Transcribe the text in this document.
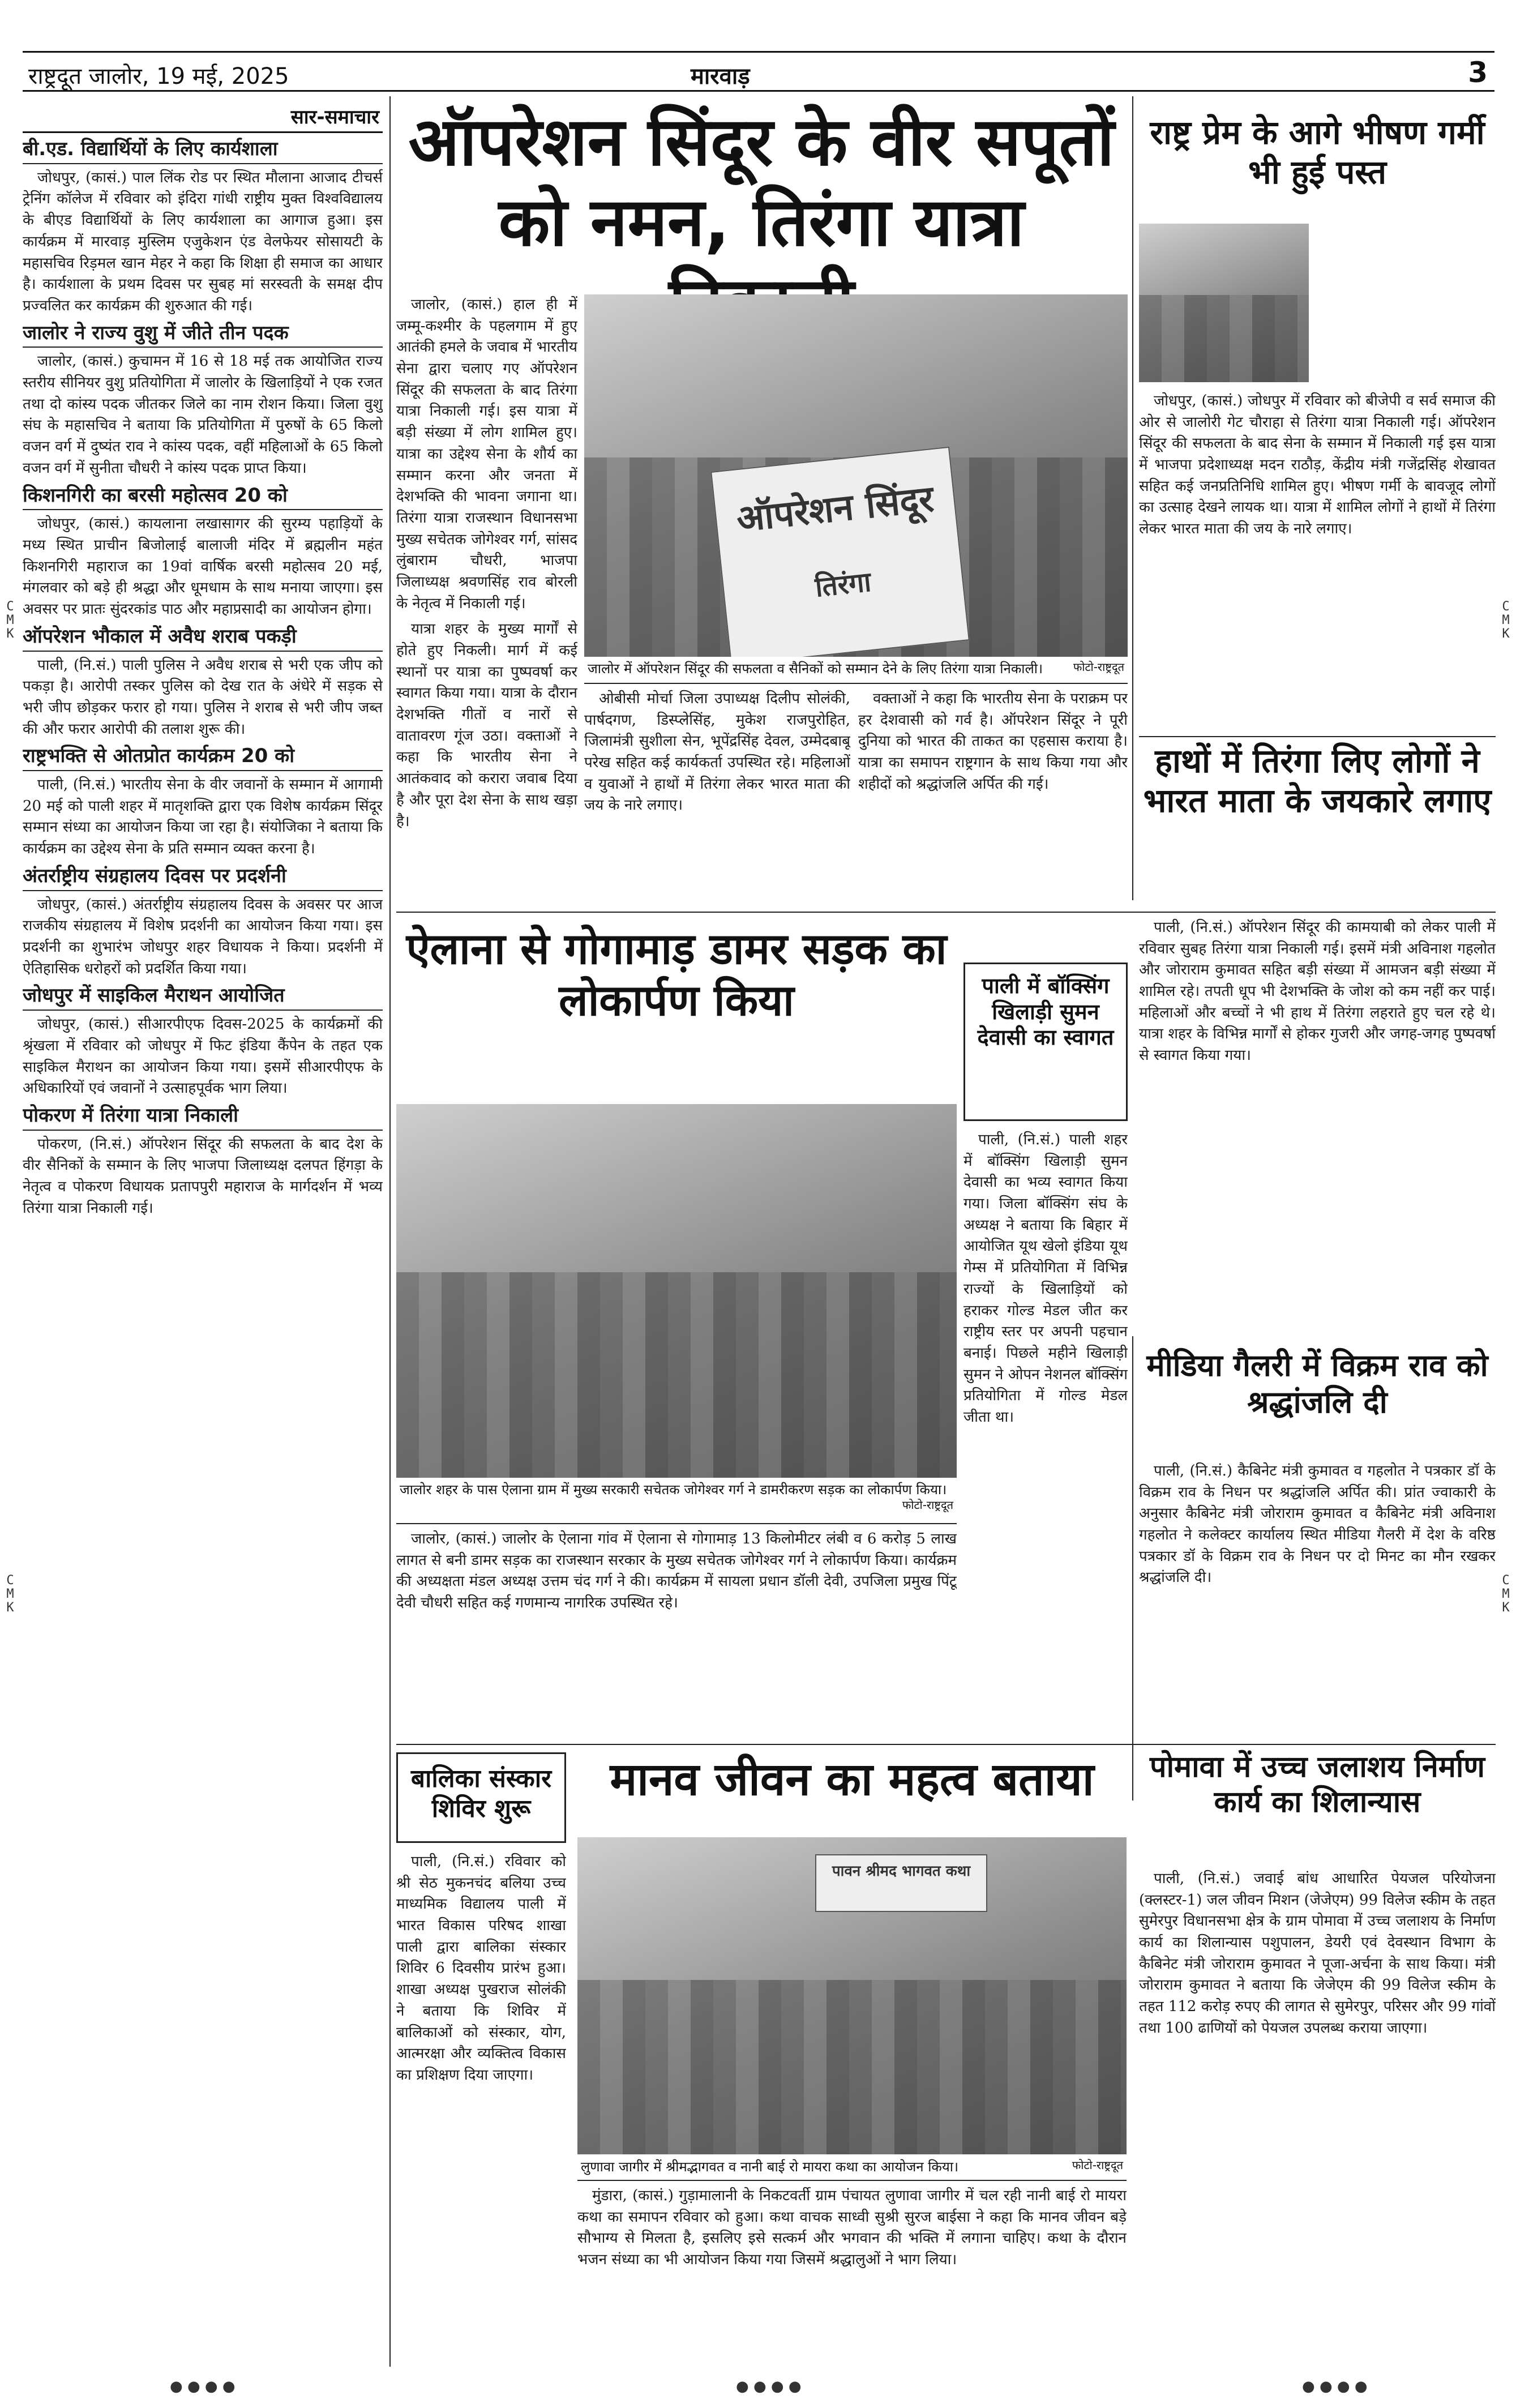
राष्ट्रदूत जालोर, 19 मई, 2025	मारवाड़	3
C M K
C M K
C M K
C M K
सार-समाचार
बी.एड. विद्यार्थियों के लिए कार्यशाला

जोधपुर, (कासं.) पाल लिंक रोड पर स्थित मौलाना आजाद टीचर्स ट्रेनिंग कॉलेज में रविवार को इंदिरा गांधी राष्ट्रीय मुक्त विश्वविद्यालय के बीएड विद्यार्थियों के लिए कार्यशाला का आगाज हुआ। इस कार्यक्रम में मारवाड़ मुस्लिम एजुकेशन एंड वेलफेयर सोसायटी के महासचिव रिड़मल खान मेहर ने कहा कि शिक्षा ही समाज का आधार है। कार्यशाला के प्रथम दिवस पर सुबह मां सरस्वती के समक्ष दीप प्रज्वलित कर कार्यक्रम की शुरुआत की गई।

जालोर ने राज्य वुशु में जीते तीन पदक

जालोर, (कासं.) कुचामन में 16 से 18 मई तक आयोजित राज्य स्तरीय सीनियर वुशु प्रतियोगिता में जालोर के खिलाड़ियों ने एक रजत तथा दो कांस्य पदक जीतकर जिले का नाम रोशन किया। जिला वुशु संघ के महासचिव ने बताया कि प्रतियोगिता में पुरुषों के 65 किलो वजन वर्ग में दुष्यंत राव ने कांस्य पदक, वहीं महिलाओं के 65 किलो वजन वर्ग में सुनीता चौधरी ने कांस्य पदक प्राप्त किया।

किशनगिरी का बरसी महोत्सव 20 को

जोधपुर, (कासं.) कायलाना लखासागर की सुरम्य पहाड़ियों के मध्य स्थित प्राचीन बिजोलाई बालाजी मंदिर में ब्रह्मलीन महंत किशनगिरी महाराज का 19वां वार्षिक बरसी महोत्सव 20 मई, मंगलवार को बड़े ही श्रद्धा और धूमधाम के साथ मनाया जाएगा। इस अवसर पर प्रातः सुंदरकांड पाठ और महाप्रसादी का आयोजन होगा।

ऑपरेशन भौकाल में अवैध शराब पकड़ी

पाली, (नि.सं.) पाली पुलिस ने अवैध शराब से भरी एक जीप को पकड़ा है। आरोपी तस्कर पुलिस को देख रात के अंधेरे में सड़क से भरी जीप छोड़कर फरार हो गया। पुलिस ने शराब से भरी जीप जब्त की और फरार आरोपी की तलाश शुरू की।

राष्ट्रभक्ति से ओतप्रोत कार्यक्रम 20 को

पाली, (नि.सं.) भारतीय सेना के वीर जवानों के सम्मान में आगामी 20 मई को पाली शहर में मातृशक्ति द्वारा एक विशेष कार्यक्रम सिंदूर सम्मान संध्या का आयोजन किया जा रहा है। संयोजिका ने बताया कि कार्यक्रम का उद्देश्य सेना के प्रति सम्मान व्यक्त करना है।

अंतर्राष्ट्रीय संग्रहालय दिवस पर प्रदर्शनी

जोधपुर, (कासं.) अंतर्राष्ट्रीय संग्रहालय दिवस के अवसर पर आज राजकीय संग्रहालय में विशेष प्रदर्शनी का आयोजन किया गया। इस प्रदर्शनी का शुभारंभ जोधपुर शहर विधायक ने किया। प्रदर्शनी में ऐतिहासिक धरोहरों को प्रदर्शित किया गया।

जोधपुर में साइकिल मैराथन आयोजित

जोधपुर, (कासं.) सीआरपीएफ दिवस-2025 के कार्यक्रमों की श्रृंखला में रविवार को जोधपुर में फिट इंडिया कैंपेन के तहत एक साइकिल मैराथन का आयोजन किया गया। इसमें सीआरपीएफ के अधिकारियों एवं जवानों ने उत्साहपूर्वक भाग लिया।

पोकरण में तिरंगा यात्रा निकाली

पोकरण, (नि.सं.) ऑपरेशन सिंदूर की सफलता के बाद देश के वीर सैनिकों के सम्मान के लिए भाजपा जिलाध्यक्ष दलपत हिंगड़ा के नेतृत्व व पोकरण विधायक प्रतापपुरी महाराज के मार्गदर्शन में भव्य तिरंगा यात्रा निकाली गई।

ऑपरेशन सिंदूर के वीर सपूतों
को नमन, तिरंगा यात्रा

जालोर, (कासं.) हाल ही में जम्मू-कश्मीर के पहलगाम में हुए आतंकी हमले के जवाब में भारतीय सेना द्वारा चलाए गए ऑपरेशन सिंदूर की सफलता के बाद तिरंगा यात्रा निकाली गई। इस यात्रा में बड़ी संख्या में लोग शामिल हुए। यात्रा का उद्देश्य सेना के शौर्य का सम्मान करना और जनता में देशभक्ति की भावना जगाना था। तिरंगा यात्रा राजस्थान विधानसभा मुख्य सचेतक जोगेश्वर गर्ग, सांसद लुंबाराम चौधरी, भाजपा जिलाध्यक्ष श्रवणसिंह राव बोरली के नेतृत्व में निकाली गई।

यात्रा शहर के मुख्य मार्गों से होते हुए निकली। मार्ग में कई स्थानों पर यात्रा का पुष्पवर्षा कर स्वागत किया गया। यात्रा के दौरान देशभक्ति गीतों व नारों से वातावरण गूंज उठा। वक्ताओं ने कहा कि भारतीय सेना ने आतंकवाद को करारा जवाब दिया है और पूरा देश सेना के साथ खड़ा है।

ऑपरेशन सिंदूर
तिरंगा
जालोर में ऑपरेशन सिंदूर की सफलता व सैनिकों को सम्मान देने के लिए तिरंगा यात्रा निकाली।	फोटो-राष्ट्रदूत

ओबीसी मोर्चा जिला उपाध्यक्ष दिलीप सोलंकी, पार्षदगण, डिस्प्लेसिंह, मुकेश राजपुरोहित, जिलामंत्री सुशीला सेन, भूपेंद्रसिंह देवल, उम्मेदबाबू परेख सहित कई कार्यकर्ता उपस्थित रहे। महिलाओं व युवाओं ने हाथों में तिरंगा लेकर भारत माता की जय के नारे लगाए।

वक्ताओं ने कहा कि भारतीय सेना के पराक्रम पर हर देशवासी को गर्व है। ऑपरेशन सिंदूर ने पूरी दुनिया को भारत की ताकत का एहसास कराया है। यात्रा का समापन राष्ट्रगान के साथ किया गया और शहीदों को श्रद्धांजलि अर्पित की गई।

राष्ट्र प्रेम के आगे भीषण गर्मी भी हुई पस्त

जोधपुर, (कासं.) जोधपुर में रविवार को बीजेपी व सर्व समाज की ओर से जालोरी गेट चौराहा से तिरंगा यात्रा निकाली गई। ऑपरेशन सिंदूर की सफलता के बाद सेना के सम्मान में निकाली गई इस यात्रा में भाजपा प्रदेशाध्यक्ष मदन राठौड़, केंद्रीय मंत्री गजेंद्रसिंह शेखावत सहित कई जनप्रतिनिधि शामिल हुए। भीषण गर्मी के बावजूद लोगों का उत्साह देखने लायक था। यात्रा में शामिल लोगों ने हाथों में तिरंगा लेकर भारत माता की जय के नारे लगाए।

हाथों में तिरंगा लिए लोगों ने भारत माता के जयकारे लगाए

पाली, (नि.सं.) ऑपरेशन सिंदूर की कामयाबी को लेकर पाली में रविवार सुबह तिरंगा यात्रा निकाली गई। इसमें मंत्री अविनाश गहलोत और जोराराम कुमावत सहित बड़ी संख्या में आमजन बड़ी संख्या में शामिल रहे। तपती धूप भी देशभक्ति के जोश को कम नहीं कर पाई। महिलाओं और बच्चों ने भी हाथ में तिरंगा लहराते हुए चल रहे थे। यात्रा शहर के विभिन्न मार्गों से होकर गुजरी और जगह-जगह पुष्पवर्षा से स्वागत किया गया।

ऐलाना से गोगामाड़ डामर सड़क का लोकार्पण किया
जालोर शहर के पास ऐलाना ग्राम में मुख्य सरकारी सचेतक जोगेश्वर गर्ग ने डामरीकरण सड़क का लोकार्पण किया।
फोटो-राष्ट्रदूत

जालोर, (कासं.) जालोर के ऐलाना गांव में ऐलाना से गोगामाड़ 13 किलोमीटर लंबी व 6 करोड़ 5 लाख लागत से बनी डामर सड़क का राजस्थान सरकार के मुख्य सचेतक जोगेश्वर गर्ग ने लोकार्पण किया। कार्यक्रम की अध्यक्षता मंडल अध्यक्ष उत्तम चंद गर्ग ने की। कार्यक्रम में सायला प्रधान डॉली देवी, उपजिला प्रमुख पिंटू देवी चौधरी सहित कई गणमान्य नागरिक उपस्थित रहे।

पाली में बॉक्सिंग खिलाड़ी सुमन देवासी का स्वागत

पाली, (नि.सं.) पाली शहर में बॉक्सिंग खिलाड़ी सुमन देवासी का भव्य स्वागत किया गया। जिला बॉक्सिंग संघ के अध्यक्ष ने बताया कि बिहार में आयोजित यूथ खेलो इंडिया यूथ गेम्स में प्रतियोगिता में विभिन्न राज्यों के खिलाड़ियों को हराकर गोल्ड मेडल जीत कर राष्ट्रीय स्तर पर अपनी पहचान बनाई। पिछले महीने खिलाड़ी सुमन ने ओपन नेशनल बॉक्सिंग प्रतियोगिता में गोल्ड मेडल जीता था।

मीडिया गैलरी में विक्रम राव को श्रद्धांजलि दी

पाली, (नि.सं.) कैबिनेट मंत्री कुमावत व गहलोत ने पत्रकार डॉ के विक्रम राव के निधन पर श्रद्धांजलि अर्पित की। प्रांत ज्वाकारी के अनुसार कैबिनेट मंत्री जोराराम कुमावत व कैबिनेट मंत्री अविनाश गहलोत ने कलेक्टर कार्यालय स्थित मीडिया गैलरी में देश के वरिष्ठ पत्रकार डॉ के विक्रम राव के निधन पर दो मिनट का मौन रखकर श्रद्धांजलि दी।

पोमावा में उच्च जलाशय निर्माण कार्य का शिलान्यास

पाली, (नि.सं.) जवाई बांध आधारित पेयजल परियोजना (क्लस्टर-1) जल जीवन मिशन (जेजेएम) 99 विलेज स्कीम के तहत सुमेरपुर विधानसभा क्षेत्र के ग्राम पोमावा में उच्च जलाशय के निर्माण कार्य का शिलान्यास पशुपालन, डेयरी एवं देवस्थान विभाग के कैबिनेट मंत्री जोराराम कुमावत ने पूजा-अर्चना के साथ किया। मंत्री जोराराम कुमावत ने बताया कि जेजेएम की 99 विलेज स्कीम के तहत 112 करोड़ रुपए की लागत से सुमेरपुर, परिसर और 99 गांवों तथा 100 ढाणियों को पेयजल उपलब्ध कराया जाएगा।

बालिका संस्कार शिविर शुरू

पाली, (नि.सं.) रविवार को श्री सेठ मुकनचंद बलिया उच्च माध्यमिक विद्यालय पाली में भारत विकास परिषद शाखा पाली द्वारा बालिका संस्कार शिविर 6 दिवसीय प्रारंभ हुआ। शाखा अध्यक्ष पुखराज सोलंकी ने बताया कि शिविर में बालिकाओं को संस्कार, योग, आत्मरक्षा और व्यक्तित्व विकास का प्रशिक्षण दिया जाएगा।

मानव जीवन का महत्व बताया
पावन श्रीमद भागवत कथा
लुणावा जागीर में श्रीमद्भागवत व नानी बाई रो मायरा कथा का आयोजन किया।	फोटो-राष्ट्रदूत

मुंडारा, (कासं.) गुड़ामालानी के निकटवर्ती ग्राम पंचायत लुणावा जागीर में चल रही नानी बाई रो मायरा कथा का समापन रविवार को हुआ। कथा वाचक साध्वी सुश्री सुरज बाईसा ने कहा कि मानव जीवन बड़े सौभाग्य से मिलता है, इसलिए इसे सत्कर्म और भगवान की भक्ति में लगाना चाहिए। कथा के दौरान भजन संध्या का भी आयोजन किया गया जिसमें श्रद्धालुओं ने भाग लिया।

● ● ● ●	● ● ● ●	● ● ● ●
